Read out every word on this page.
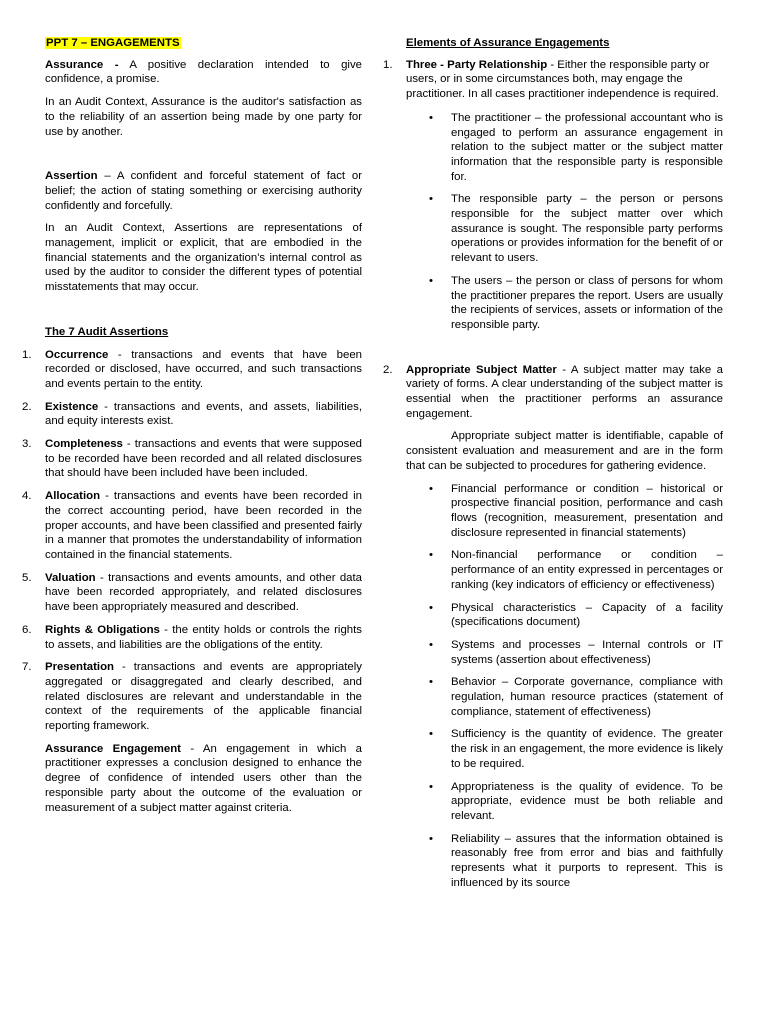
PPT 7 – ENGAGEMENTS

Assurance - A positive declaration intended to give confidence, a promise.

In an Audit Context, Assurance is the auditor's satisfaction as to the reliability of an assertion being made by one party for use by another.

Assertion – A confident and forceful statement of fact or belief; the action of stating something or exercising authority confidently and forcefully.

In an Audit Context, Assertions are representations of management, implicit or explicit, that are embodied in the financial statements and the organization's internal control as used by the auditor to consider the different types of potential misstatements that may occur.

The 7 Audit Assertions

1. Occurrence - transactions and events that have been recorded or disclosed, have occurred, and such transactions and events pertain to the entity.
2. Existence - transactions and events, and assets, liabilities, and equity interests exist.
3. Completeness - transactions and events that were supposed to be recorded have been recorded and all related disclosures that should have been included have been included.
4. Allocation - transactions and events have been recorded in the correct accounting period, have been recorded in the proper accounts, and have been classified and presented fairly in a manner that promotes the understandability of information contained in the financial statements.
5. Valuation - transactions and events amounts, and other data have been recorded appropriately, and related disclosures have been appropriately measured and described.
6. Rights & Obligations - the entity holds or controls the rights to assets, and liabilities are the obligations of the entity.
7. Presentation - transactions and events are appropriately aggregated or disaggregated and clearly described, and related disclosures are relevant and understandable in the context of the requirements of the applicable financial reporting framework.

Assurance Engagement - An engagement in which a practitioner expresses a conclusion designed to enhance the degree of confidence of intended users other than the responsible party about the outcome of the evaluation or measurement of a subject matter against criteria.

Elements of Assurance Engagements

1. Three - Party Relationship - Either the responsible party or users, or in some circumstances both, may engage the practitioner. In all cases practitioner independence is required.
• The practitioner – the professional accountant who is engaged to perform an assurance engagement in relation to the subject matter or the subject matter information that the responsible party is responsible for.
• The responsible party – the person or persons responsible for the subject matter over which assurance is sought. The responsible party performs operations or provides information for the benefit of or relevant to users.
• The users – the person or class of persons for whom the practitioner prepares the report. Users are usually the recipients of services, assets or information of the responsible party.
2. Appropriate Subject Matter - A subject matter may take a variety of forms. A clear understanding of the subject matter is essential when the practitioner performs an assurance engagement.

Appropriate subject matter is identifiable, capable of consistent evaluation and measurement and are in the form that can be subjected to procedures for gathering evidence.

• Financial performance or condition – historical or prospective financial position, performance and cash flows (recognition, measurement, presentation and disclosure represented in financial statements)
• Non-financial performance or condition – performance of an entity expressed in percentages or ranking (key indicators of efficiency or effectiveness)
• Physical characteristics – Capacity of a facility (specifications document)
• Systems and processes – Internal controls or IT systems (assertion about effectiveness)
• Behavior – Corporate governance, compliance with regulation, human resource practices (statement of compliance, statement of effectiveness)
• Sufficiency is the quantity of evidence. The greater the risk in an engagement, the more evidence is likely to be required.
• Appropriateness is the quality of evidence. To be appropriate, evidence must be both reliable and relevant.
• Reliability – assures that the information obtained is reasonably free from error and bias and faithfully represents what it purports to represent. This is influenced by its source
